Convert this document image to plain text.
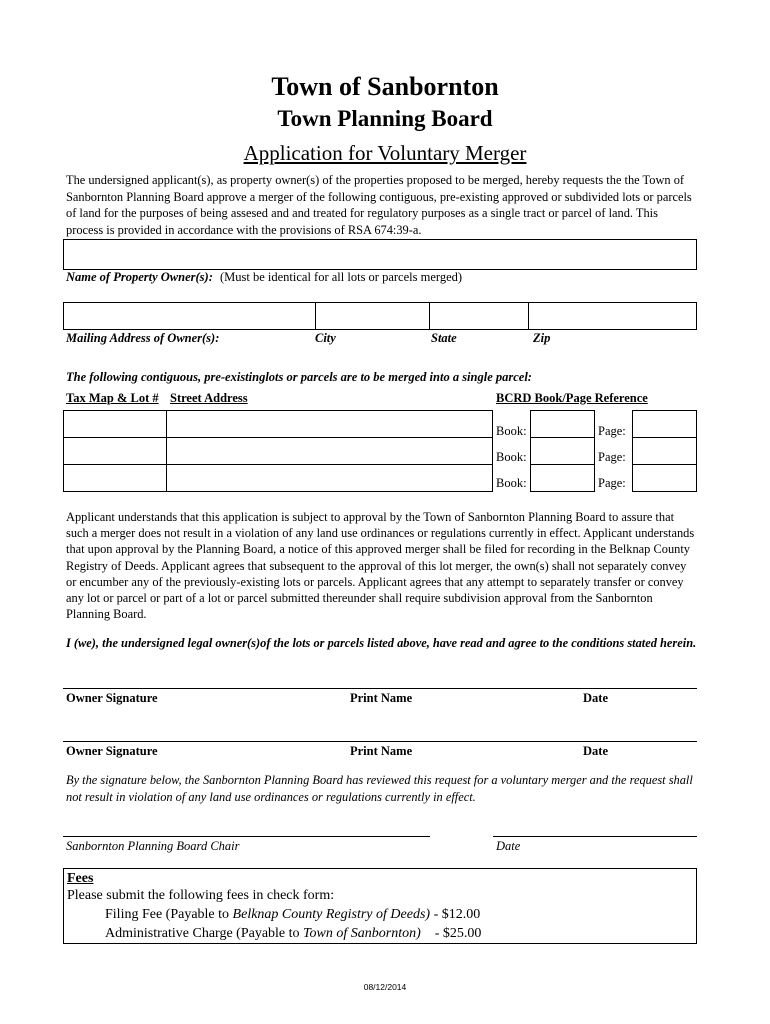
Town of Sanbornton
Town Planning Board
Application for Voluntary Merger
The undersigned applicant(s), as property owner(s) of the properties proposed to be merged, hereby requests the the Town of Sanbornton Planning Board approve a merger of the following contiguous, pre-existing approved or subdivided lots or parcels of land for the purposes of being assesed and and treated for regulatory purposes as a single tract or parcel of land. This process is provided in accordance with the provisions of RSA 674:39-a.
Name of Property Owner(s): (Must be identical for all lots or parcels merged)
Mailing Address of Owner(s):	City	State	Zip
The following contiguous, pre-existinglots or parcels are to be merged into a single parcel:
Tax Map & Lot # Street Address	BCRD Book/Page Reference
Book:	Page:
Book:	Page:
Book:	Page:
Applicant understands that this application is subject to approval by the Town of Sanbornton Planning Board to assure that such a merger does not result in a violation of any land use ordinances or regulations currently in effect. Applicant understands that upon approval by the Planning Board, a notice of this approved merger shall be filed for recording in the Belknap County Registry of Deeds. Applicant agrees that subsequent to the approval of this lot merger, the own(s) shall not separately convey or encumber any of the previously-existing lots or parcels. Applicant agrees that any attempt to separately transfer or convey any lot or parcel or part of a lot or parcel submitted thereunder shall require subdivision approval from the Sanbornton Planning Board.
I (we), the undersigned legal owner(s)of the lots or parcels listed above, have read and agree to the conditions stated herein.
Owner Signature	Print Name	Date
Owner Signature	Print Name	Date
By the signature below, the Sanbornton Planning Board has reviewed this request for a voluntary merger and the request shall not result in violation of any land use ordinances or regulations currently in effect.
Sanbornton Planning Board Chair	Date
Fees
Please submit the following fees in check form:
Filing Fee (Payable to Belknap County Registry of Deeds) - $12.00
Administrative Charge (Payable to Town of Sanbornton)    - $25.00
08/12/2014
